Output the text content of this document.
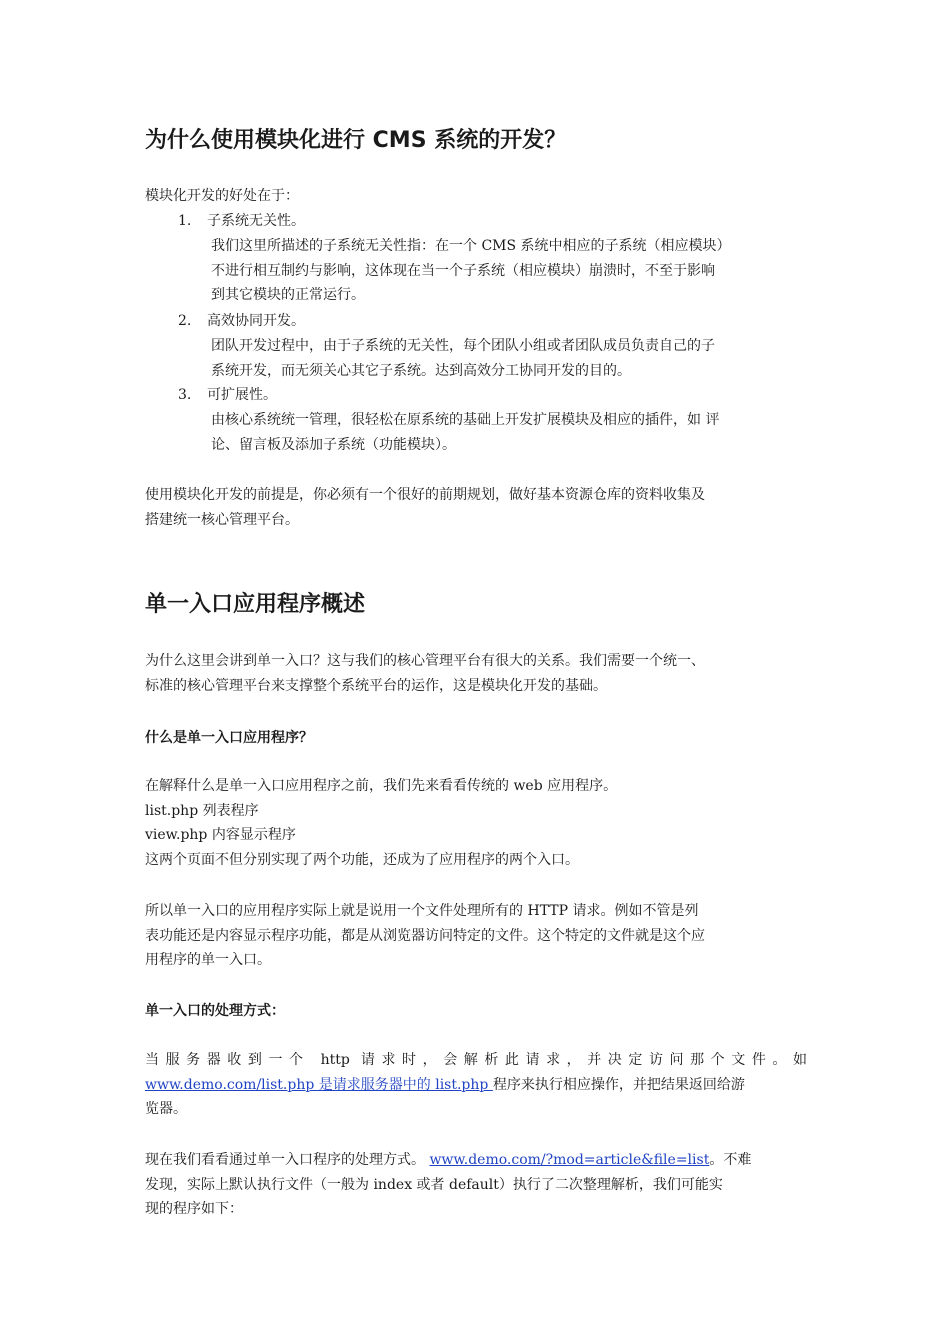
为什么使用模块化进行 CMS 系统的开发？
模块化开发的好处在于：
1. 子系统无关性。
我们这里所描述的子系统无关性指：在一个 CMS 系统中相应的子系统（相应模块）
不进行相互制约与影响，这体现在当一个子系统（相应模块）崩溃时，不至于影响
到其它模块的正常运行。
2. 高效协同开发。
团队开发过程中，由于子系统的无关性，每个团队小组或者团队成员负责自己的子
系统开发，而无须关心其它子系统。达到高效分工协同开发的目的。
3. 可扩展性。
由核心系统统一管理，很轻松在原系统的基础上开发扩展模块及相应的插件，如 评
论、留言板及添加子系统（功能模块）。
使用模块化开发的前提是，你必须有一个很好的前期规划，做好基本资源仓库的资料收集及
搭建统一核心管理平台。
单一入口应用程序概述
为什么这里会讲到单一入口？这与我们的核心管理平台有很大的关系。我们需要一个统一、
标准的核心管理平台来支撑整个系统平台的运作，这是模块化开发的基础。
什么是单一入口应用程序？
在解释什么是单一入口应用程序之前，我们先来看看传统的 web 应用程序。
list.php 列表程序
view.php 内容显示程序
这两个页面不但分别实现了两个功能，还成为了应用程序的两个入口。
所以单一入口的应用程序实际上就是说用一个文件处理所有的 HTTP 请求。例如不管是列
表功能还是内容显示程序功能，都是从浏览器访问特定的文件。这个特定的文件就是这个应
用程序的单一入口。
单一入口的处理方式：
当服务器收到一个 http 请求时，会解析此请求，并决定访问那个文件。如
www.demo.com/list.php 是请求服务器中的 list.php 程序来执行相应操作，并把结果返回给游
览器。
现在我们看看通过单一入口程序的处理方式。 www.demo.com/?mod=article&file=list。不难
发现，实际上默认执行文件（一般为 index 或者 default）执行了二次整理解析，我们可能实
现的程序如下：
